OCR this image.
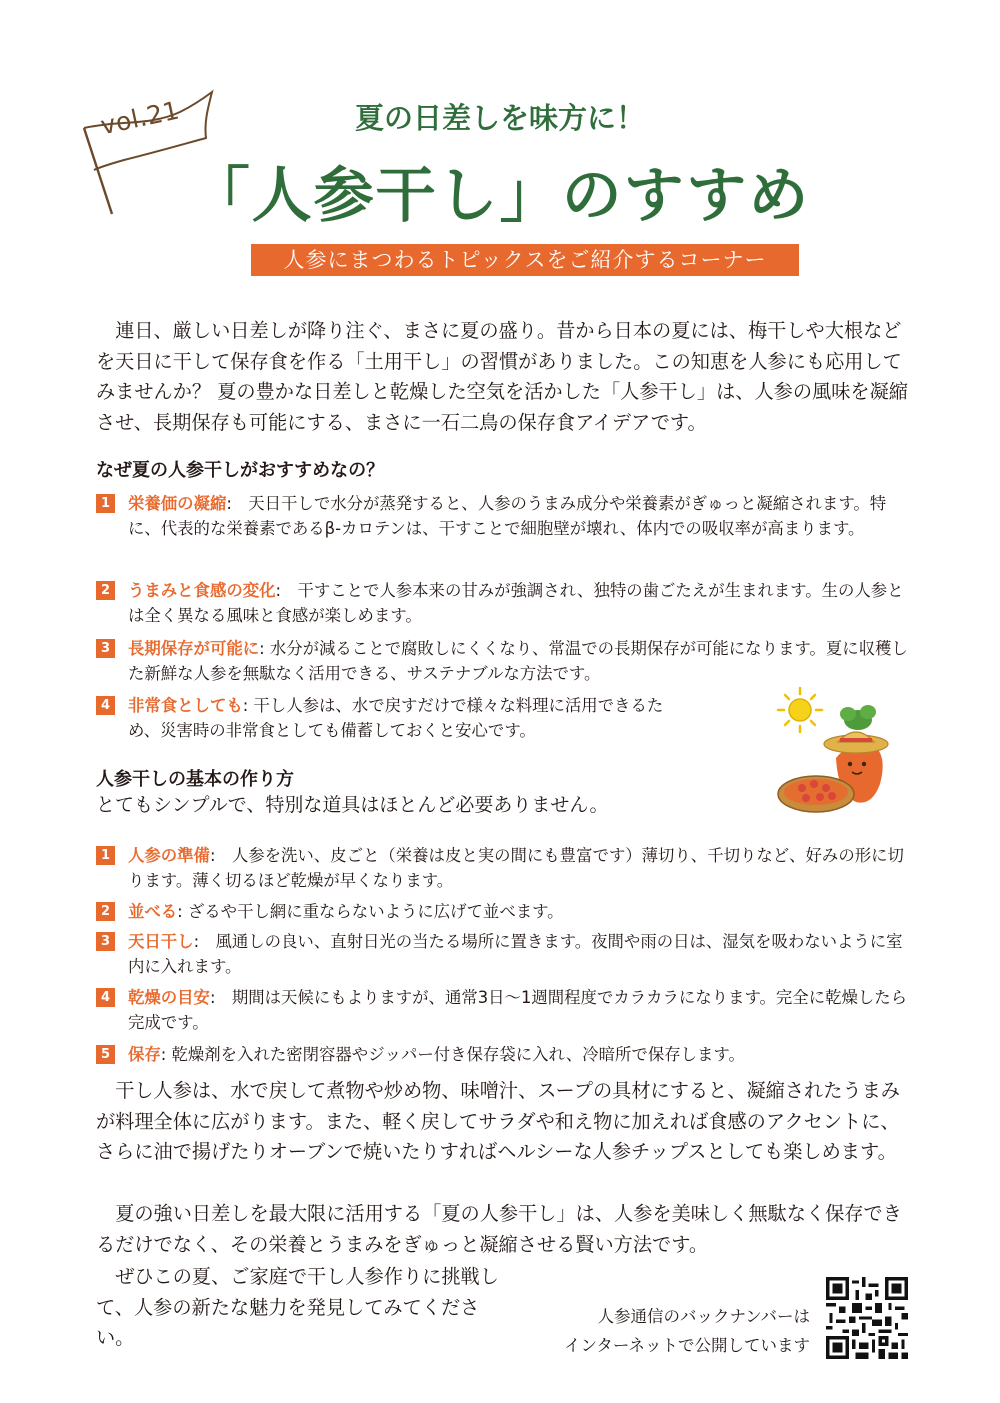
vol.21	夏の日差しを味方に！
「人参干し」のすすめ
人参にまつわるトピックスをご紹介するコーナー
連日、厳しい日差しが降り注ぐ、まさに夏の盛り。昔から日本の夏には、梅干しや大根などを天日に干して保存食を作る「土用干し」の習慣がありました。この知恵を人参にも応用してみませんか？ 夏の豊かな日差しと乾燥した空気を活かした「人参干し」は、人参の風味を凝縮させ、長期保存も可能にする、まさに一石二鳥の保存食アイデアです。
なぜ夏の人参干しがおすすめなの？
1	栄養価の凝縮:　天日干しで水分が蒸発すると、人参のうまみ成分や栄養素がぎゅっと凝縮されます。特に、代表的な栄養素であるβ-カロテンは、干すことで細胞壁が壊れ、体内での吸収率が高まります。
2	うまみと食感の変化:　干すことで人参本来の甘みが強調され、独特の歯ごたえが生まれます。生の人参とは全く異なる風味と食感が楽しめます。
3	長期保存が可能に: 水分が減ることで腐敗しにくくなり、常温での長期保存が可能になります。夏に収穫した新鮮な人参を無駄なく活用できる、サステナブルな方法です。
4	非常食としても: 干し人参は、水で戻すだけで様々な料理に活用できるため、災害時の非常食としても備蓄しておくと安心です。
人参干しの基本の作り方
とてもシンプルで、特別な道具はほとんど必要ありません。
1	人参の準備:　人参を洗い、皮ごと（栄養は皮と実の間にも豊富です）薄切り、千切りなど、好みの形に切ります。薄く切るほど乾燥が早くなります。
2	並べる: ざるや干し網に重ならないように広げて並べます。
3	天日干し:　風通しの良い、直射日光の当たる場所に置きます。夜間や雨の日は、湿気を吸わないように室内に入れます。
4	乾燥の目安:　期間は天候にもよりますが、通常3日〜1週間程度でカラカラになります。完全に乾燥したら完成です。
5	保存: 乾燥剤を入れた密閉容器やジッパー付き保存袋に入れ、冷暗所で保存します。
干し人参は、水で戻して煮物や炒め物、味噌汁、スープの具材にすると、凝縮されたうまみが料理全体に広がります。また、軽く戻してサラダや和え物に加えれば食感のアクセントに、さらに油で揚げたりオーブンで焼いたりすればヘルシーな人参チップスとしても楽しめます。
夏の強い日差しを最大限に活用する「夏の人参干し」は、人参を美味しく無駄なく保存できるだけでなく、その栄養とうまみをぎゅっと凝縮させる賢い方法です。
ぜひこの夏、ご家庭で干し人参作りに挑戦して、人参の新たな魅力を発見してみてください。
人参通信のバックナンバーは
インターネットで公開しています
